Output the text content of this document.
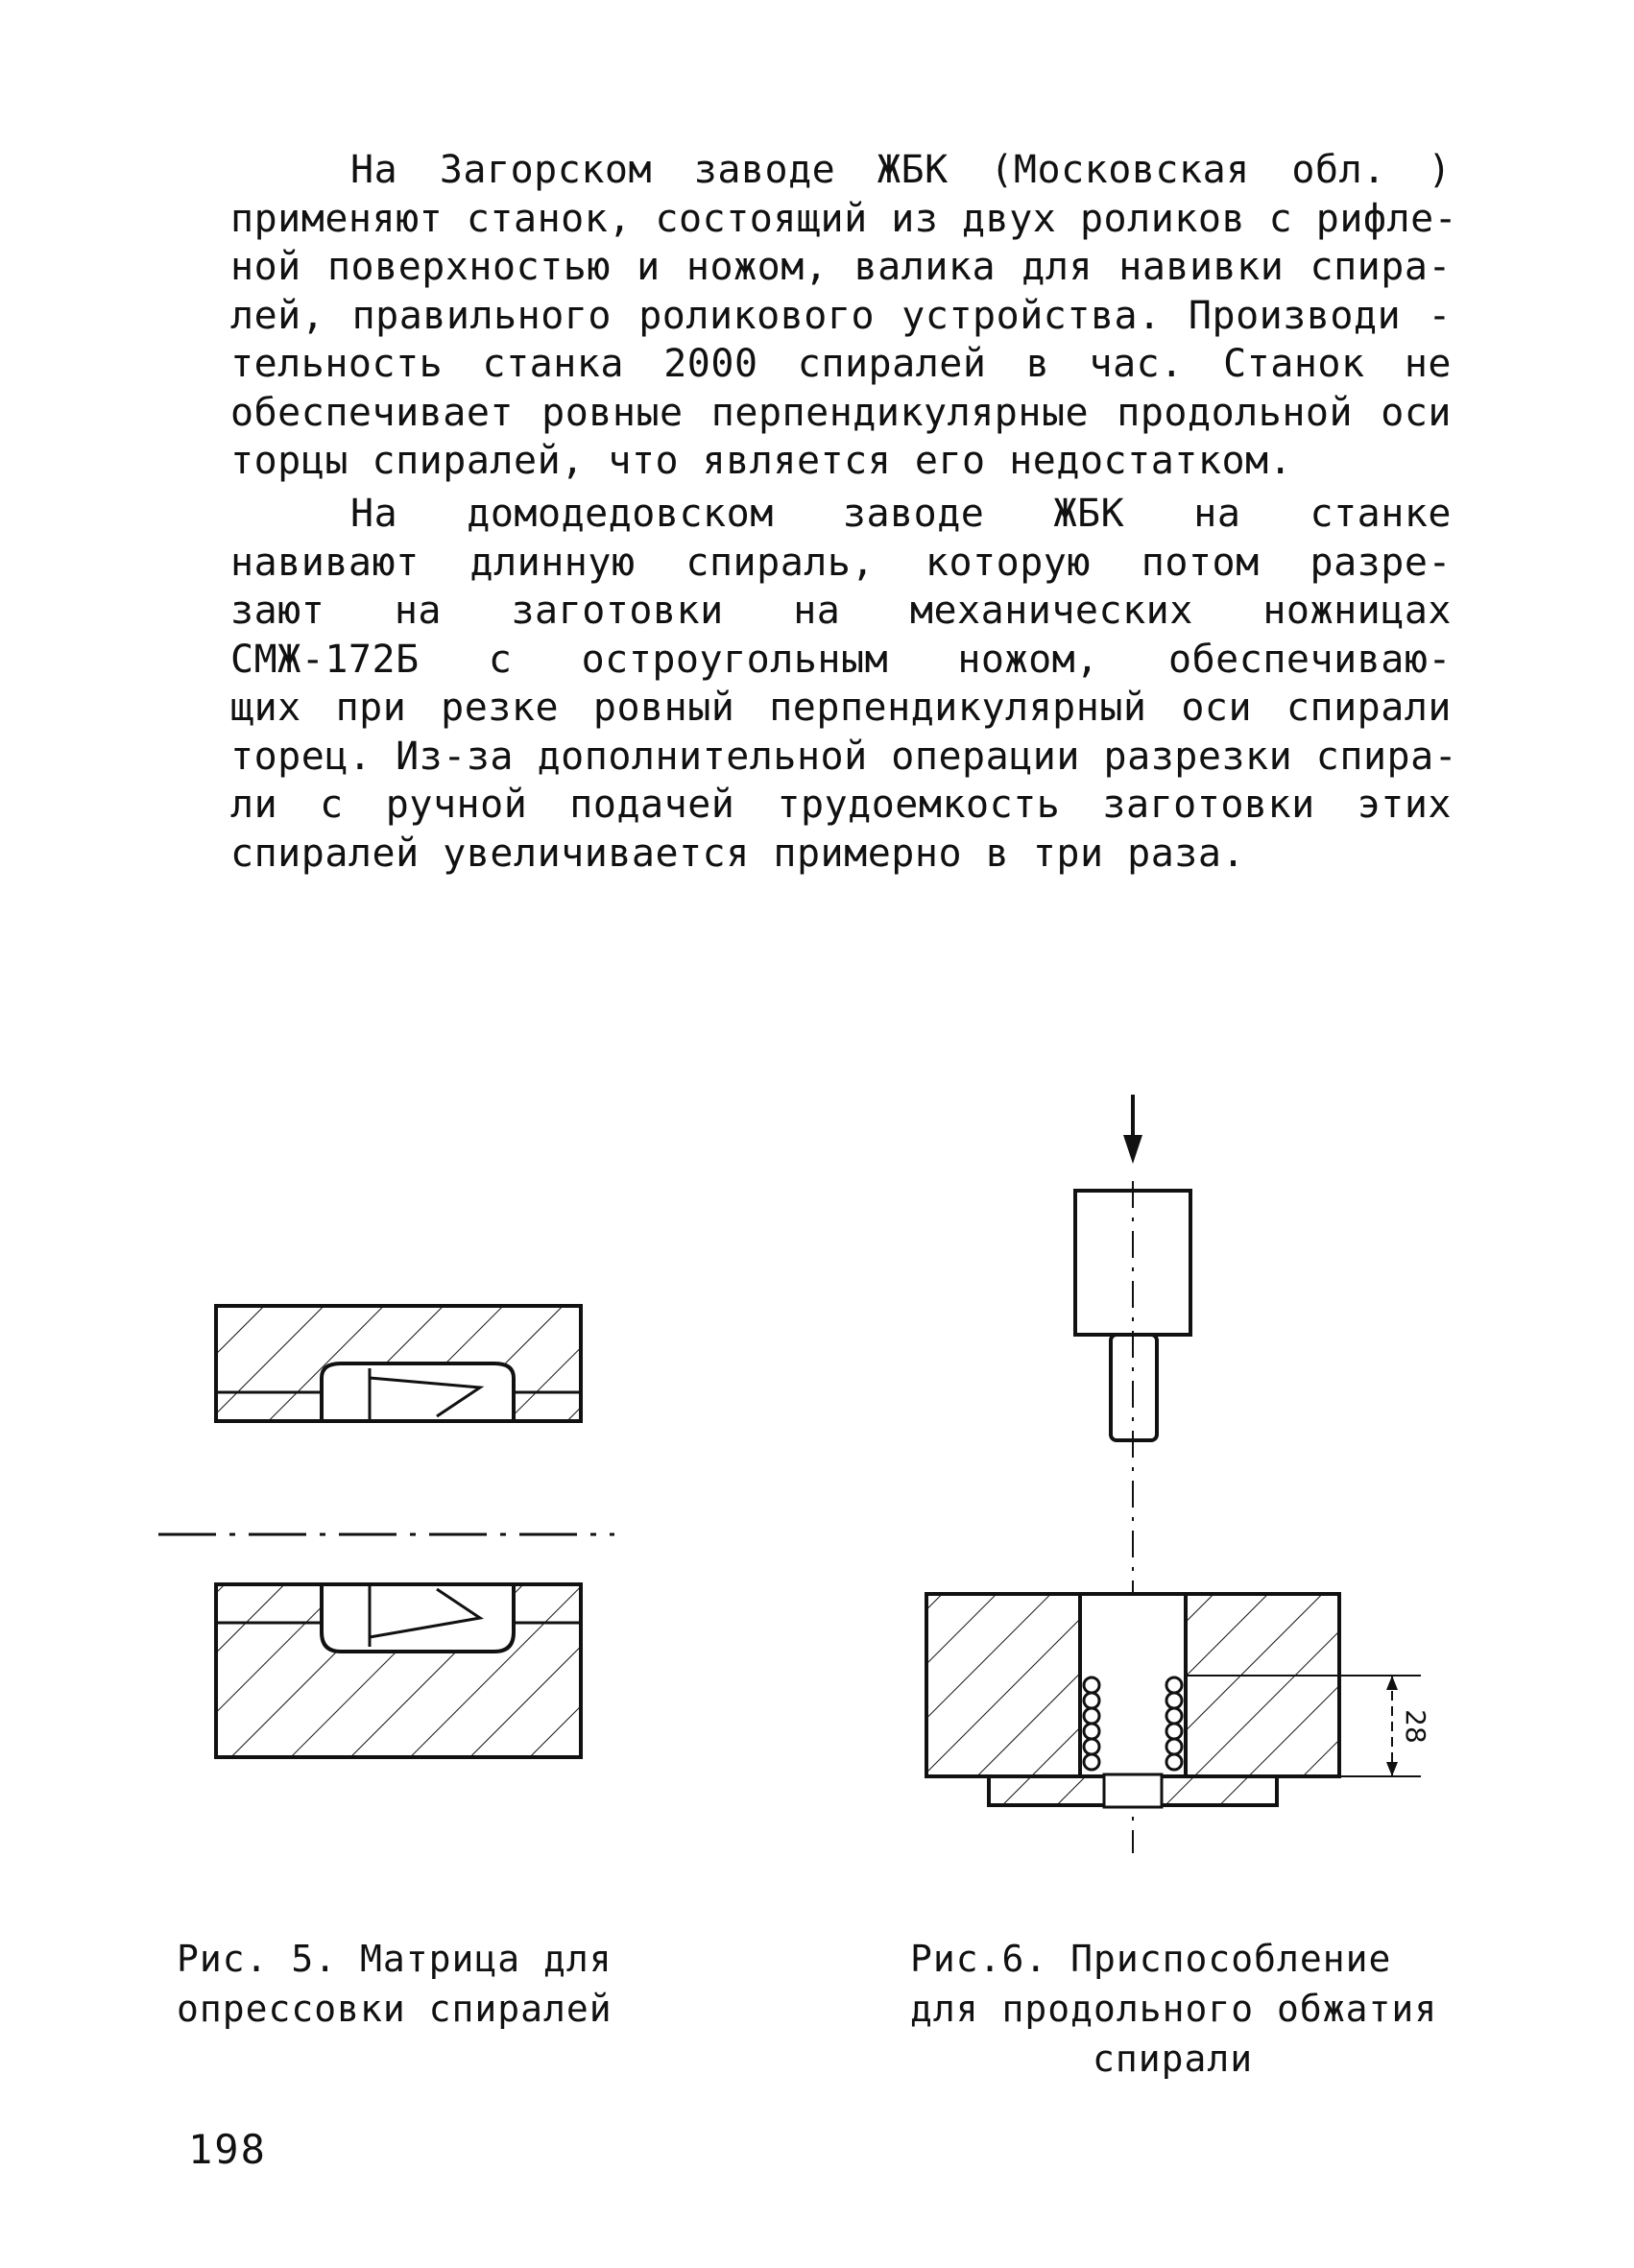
На Загорском заводе ЖБК (Московская обл. )
применяют станок, состоящий из двух роликов с рифле-
ной поверхностью и ножом, валика для навивки спира-
лей, правильного роликового устройства. Производи -
тельность станка 2000 спиралей в час. Станок не
обеспечивает ровные перпендикулярные продольной оси
торцы спиралей, что является его недостатком.
На домодедовском заводе ЖБК на станке
навивают длинную спираль, которую потом разре-
зают на заготовки на механических ножницах
СМЖ-172Б с остроугольным ножом, обеспечиваю-
щих при резке ровный перпендикулярный оси спирали
торец. Из-за дополнительной операции разрезки спира-
ли с ручной подачей трудоемкость заготовки этих
спиралей увеличивается примерно в три раза.
28
Рис. 5. Матрица для
опрессовки спиралей
Рис.6. Приспособление
для продольного обжатия
спирали
198
